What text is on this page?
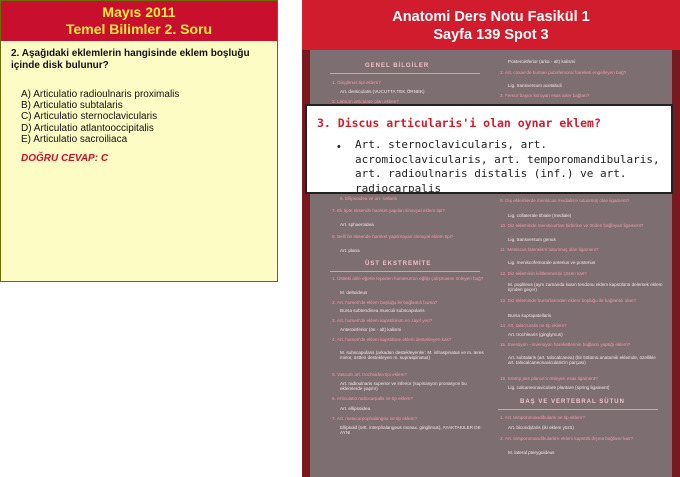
Mayıs 2011
Temel Bilimler 2. Soru
2. Aşağıdaki eklemlerin hangisinde eklem boşluğu içinde disk bulunur?
A) Articulatio radioulnaris proximalis
B) Articulatio subtalaris
C) Articulatio sternoclavicularis
D) Articulatio atlantooccipitalis
E) Articulatio sacroiliaca
DOĞRU CEVAP: C
Anatomi Ders Notu Fasikül 1
Sayfa 139 Spot 3
GENEL BİLGİLER
1. Ginglimus tipi eklem?
Art. denticulatis (VUCUTTA TEK ÖRNEK)
2. Labrum articulare olan eklem?
6. Ellipsoidea ve art. sellaris
7. Ek tipte eksende hareket yapılan sinovyal eklem tipi?
Art. sphaeroidea
8. Belli bir eksende hareket yapılmayan sinovyal eklem tipi?
Art. plana
ÜST EKSTREMİTE
1. Üstteki atile eğerle tepeden humerus'un eğilip çalışmasını önleyen bağ?
M. deltoideus
2. Art. humeri'de eklem boşluğu ile bağlantılı bursa?
Bursa subtendinea musculi subscapularis
3. Art. humeri'de eklem kapsülünün en zayıf yeri?
Anteroinferior (ön - alt) kalismi
4. Art. humeri'de eklem kapsülüne eklem destekleyen kas?
M. subscapularis (arkadan destekleyenler: M. infraspinatus ve m. teres minor, üstten destekleyen m. supraspinatus)
5. Vasculo art. trochoidea tipi eklem?
Art. radioulnaris superior ve inferior (supinasyon pronasyon bu eklemlerde yapılır)
6. Articulatio radiocarpalis ne tip eklem?
Art. ellipsoidea
7. Art. metacarpophalangea ne tip eklem?
Ellipsoid (ortt. interphalangeus monax. ginglimus), AYAKTAKILER DE AYNI
Posteroinferior (arka - alt) kalismi
2. Art. coxae'de bursae pubofemoral hareketi engelleyen bağ?
Lig. transversum acetabuli
3. Femur başını koruyan esas arter bağları?
9. Dış eklemlerde meniscus medialis'e tutunmuş olan ligament?
Lig. collaterale tibiale (mediale)
10. Diz ekleminde meniscus'ları birbirine ve önden bağlayan ligament?
Lig. transversum genus
11. Meniscus lateralis'e tutunmuş olan ligament?
Lig. meniscofemorale anterius ve posterius
12. Diz ekleminin kilitlenmesini çözen kas?
M. popliteus (aynı zamanda kasın tendonu eklem kapsülünü delersek eklem içinden geçer)
13. Diz ekleminde bursa'larından eklem boşluğu ile bağlantılı olan?
Bursa suprapatellaris
14. Art. talocruralis ne tip eklem?
Art. trochlearis (ginglymus)
16. Eversiyon - inversiyon hareketlerinin bağlantı yaptığı eklem?
Art. subtalaris (art. talocalcanea) (bir bölümü anatomik eklemde, özellikle art. talocalcaneonavicularis'in parçası)
18. Kramp pes planus'u önleyen esas ligament?
Lig. calcaneonaviculare plantare (spring ligament)
BAŞ VE VERTEBRAL SÜTUN
1. Art. temporomandibularis ne tip eklem?
Art. bicondylaris (iki eklem yüzü)
2. Art. temporomandibularis'e eklem kapsülü dışına bağlanır kas?
M. lateral pterygoideus
3. Discus articularis'i olan oynar eklem?
• Art. sternoclavicularis, art. acromioclavicularis, art. temporomandibularis, art. radioulnaris distalis (inf.) ve art. radiocarpalis
